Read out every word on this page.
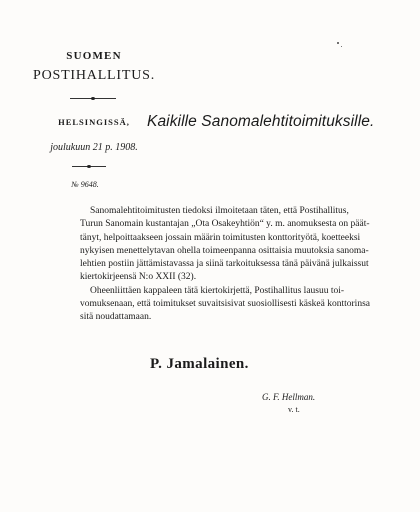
SUOMEN
POSTIHALLITUS.
HELSINGISSÄ,
joulukuun 21 p. 1908.
№ 9648.
Kaikille Sanomalehtitoimituksille.

Sanomalehtitoimitusten tiedoksi ilmoitetaan täten, että Postihallitus,
Turun Sanomain kustantajan „Ota Osakeyhtiön“ y. m. anomuksesta on päät-
tänyt, helpoittaakseen jossain määrin toimitusten konttorityötä, koetteeksi
nykyisen menettelytavan ohella toimeenpanna osittaisia muutoksia sanoma-
lehtien postiin jättämistavassa ja siinä tarkoituksessa tänä päivänä julkaissut
kiertokirjeensä N:o XXII (32).

Oheenliittäen kappaleen tätä kiertokirjettä, Postihallitus lausuu toi-
vomuksenaan, että toimitukset suvaitsisivat suosiollisesti käskeä konttorinsa
sitä noudattamaan.

P. Jamalainen.
G. F. Hellman.
v. t.
